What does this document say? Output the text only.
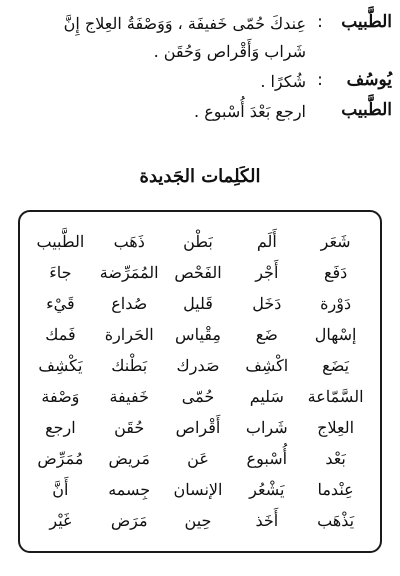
الطَّبيب
:
عِندكَ حُمّى خَفيفَة ، وَوَصْفَةُ العِلاج إِنَّ
شَراب وَأَقْراص وَحُقَن .
يُوسُف
:
شُكرًا .
الطَّبيب
ارجع بَعْدَ أُسْبوع .
الكَلِمات الجَديدة
شَعَر
أَلَم
بَطْن
ذَهَب
الطَّبيب
دَفَع
أَجْر
الفَحْص
المُمَرِّضة
جاءَ
دَوْرة
دَخَل
قَليل
صُداع
قَيْء
إسْهال
ضَع
مِقْياس
الحَرارة
فَمك
يَضَع
اكْشِف
صَدرك
بَطْنك
يَكْشِف
السَّمّاعة
سَليم
حُمّى
خَفيفة
وَصْفة
العِلاج
شَراب
أَقْراص
حُقَن
ارجع
بَعْد
أُسْبوع
عَن
مَريض
مُمَرِّض
عِنْدما
يَشْعُر
الإنسان
جِسمه
أَنَّ
يَذْهَب
أَخَذ
حِين
مَرَض
غَيْر
